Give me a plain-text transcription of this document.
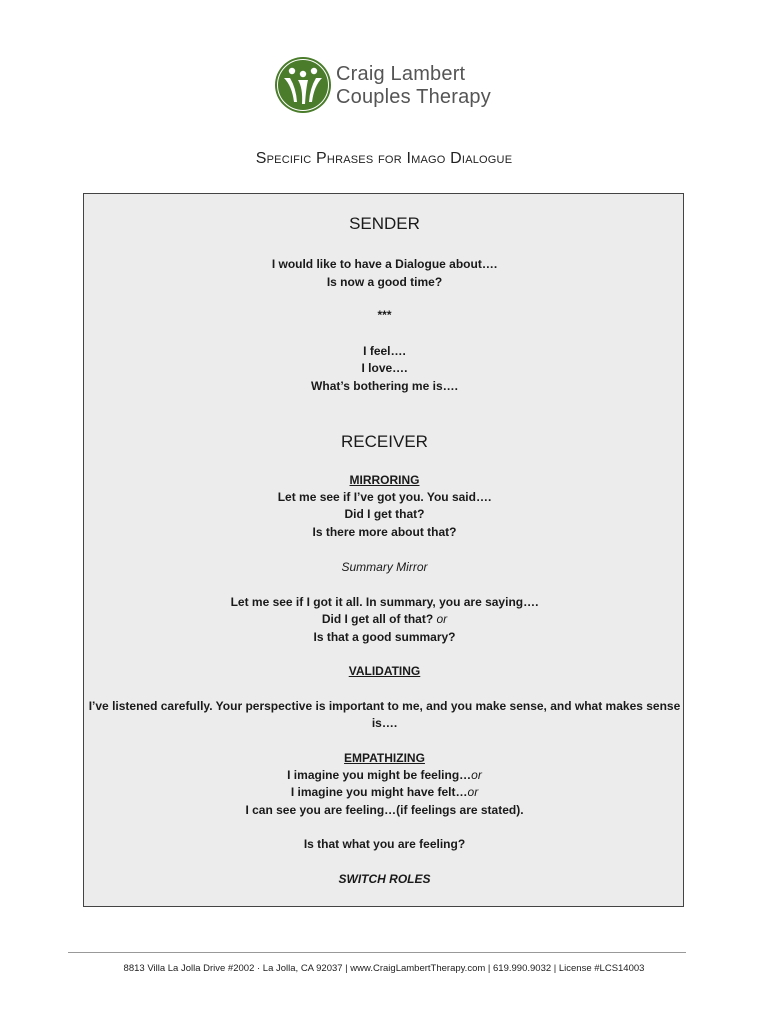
Craig Lambert
Couples Therapy
Specific Phrases for Imago Dialogue
SENDER
I would like to have a Dialogue about….
Is now a good time?
***
I feel….
I love….
What’s bothering me is….
RECEIVER
MIRRORING
Let me see if I’ve got you. You said….
Did I get that?
Is there more about that?
Summary Mirror
Let me see if I got it all. In summary, you are saying….
Did I get all of that? or
Is that a good summary?
VALIDATING
I’ve listened carefully. Your perspective is important to me, and you make sense, and what makes sense
is….
EMPATHIZING
I imagine you might be feeling…or
I imagine you might have felt…or
I can see you are feeling…(if feelings are stated).
Is that what you are feeling?
SWITCH ROLES
8813 Villa La Jolla Drive #2002 · La Jolla, CA 92037 | www.CraigLambertTherapy.com | 619.990.9032 | License #LCS14003
